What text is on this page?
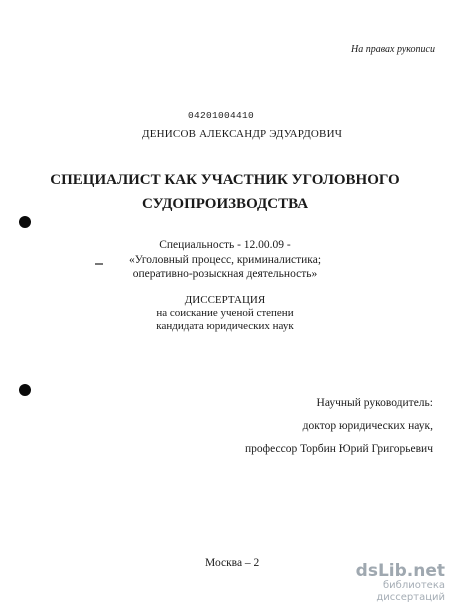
На правах рукописи
04201004410
ДЕНИСОВ АЛЕКСАНДР ЭДУАРДОВИЧ
СПЕЦИАЛИСТ КАК УЧАСТНИК УГОЛОВНОГО
СУДОПРОИЗВОДСТВА
Специальность - 12.00.09 -
«Уголовный процесс, криминалистика;
оперативно-розыскная деятельность»
ДИССЕРТАЦИЯ
на соискание ученой степени
кандидата юридических наук
Научный руководитель:
доктор юридических наук,
профессор Торбин Юрий Григорьевич
Москва – 2	dsLib.net
библиотека диссертаций
